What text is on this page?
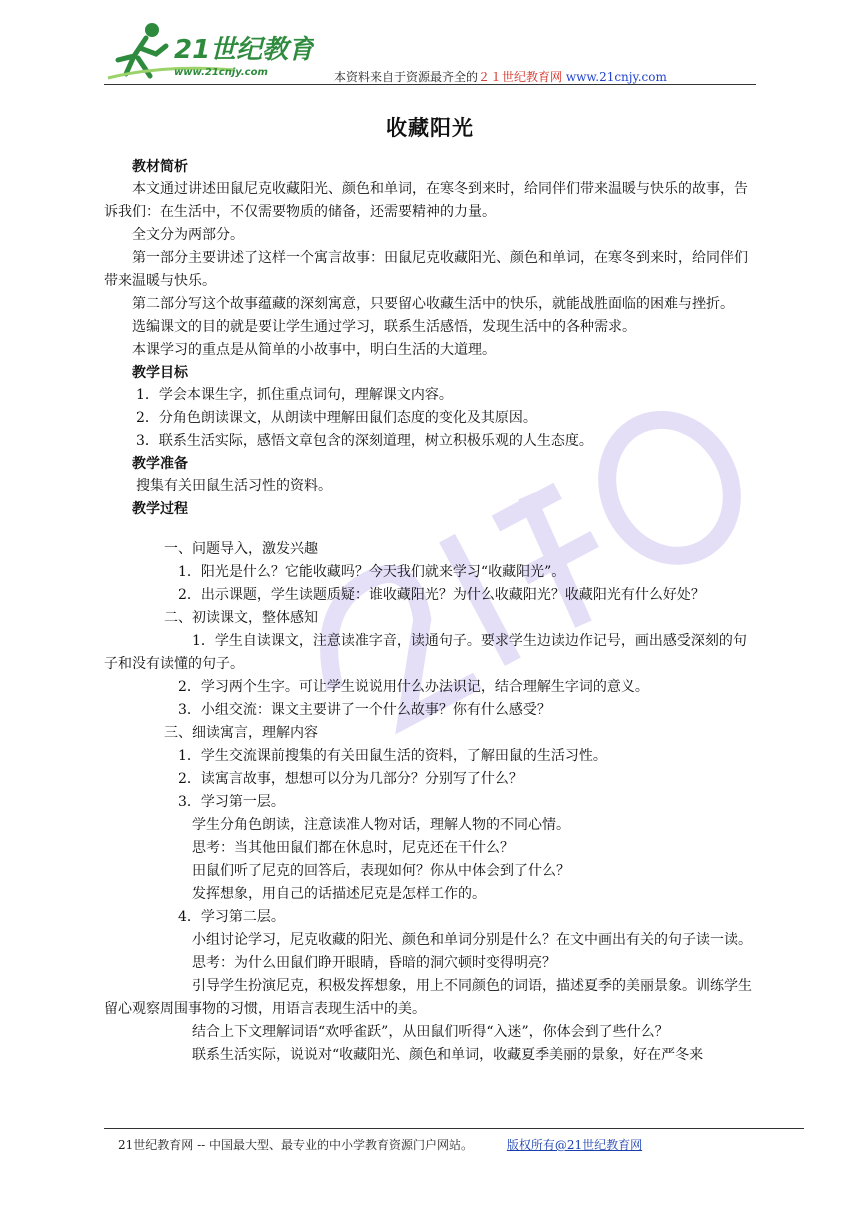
21世纪教育
www.21cnjy.com	本资料来自于资源最齐全的２１世纪教育网 www.21cnjy.com
收藏阳光
教材简析

本文通过讲述田鼠尼克收藏阳光、颜色和单词，在寒冬到来时，给同伴们带来温暖与快乐的故事，告诉我们：在生活中，不仅需要物质的储备，还需要精神的力量。

全文分为两部分。

第一部分主要讲述了这样一个寓言故事：田鼠尼克收藏阳光、颜色和单词，在寒冬到来时，给同伴们带来温暖与快乐。

第二部分写这个故事蕴藏的深刻寓意，只要留心收藏生活中的快乐，就能战胜面临的困难与挫折。

选编课文的目的就是要让学生通过学习，联系生活感悟，发现生活中的各种需求。

本课学习的重点是从简单的小故事中，明白生活的大道理。

教学目标

1．学会本课生字，抓住重点词句，理解课文内容。

2．分角色朗读课文，从朗读中理解田鼠们态度的变化及其原因。

3．联系生活实际，感悟文章包含的深刻道理，树立积极乐观的人生态度。

教学准备

搜集有关田鼠生活习性的资料。

教学过程

一、问题导入，激发兴趣

1．阳光是什么？它能收藏吗？今天我们就来学习“收藏阳光”。

2．出示课题，学生读题质疑：谁收藏阳光？为什么收藏阳光？收藏阳光有什么好处？

二、初读课文，整体感知

1．学生自读课文，注意读准字音，读通句子。要求学生边读边作记号，画出感受深刻的句子和没有读懂的句子。

2．学习两个生字。可让学生说说用什么办法识记，结合理解生字词的意义。

3．小组交流：课文主要讲了一个什么故事？你有什么感受？

三、细读寓言，理解内容

1．学生交流课前搜集的有关田鼠生活的资料，了解田鼠的生活习性。

2．读寓言故事，想想可以分为几部分？分别写了什么？

3．学习第一层。

学生分角色朗读，注意读准人物对话，理解人物的不同心情。

思考：当其他田鼠们都在休息时，尼克还在干什么？

田鼠们听了尼克的回答后，表现如何？你从中体会到了什么？

发挥想象，用自己的话描述尼克是怎样工作的。

4．学习第二层。

小组讨论学习，尼克收藏的阳光、颜色和单词分别是什么？在文中画出有关的句子读一读。

思考：为什么田鼠们睁开眼睛，昏暗的洞穴顿时变得明亮？

引导学生扮演尼克，积极发挥想象，用上不同颜色的词语，描述夏季的美丽景象。训练学生留心观察周围事物的习惯，用语言表现生活中的美。

结合上下文理解词语“欢呼雀跃”，从田鼠们听得“入迷”，你体会到了些什么？

联系生活实际，说说对“收藏阳光、颜色和单词，收藏夏季美丽的景象，好在严冬来

21世纪教育网 -- 中国最大型、最专业的中小学教育资源门户网站。	版权所有@21世纪教育网
